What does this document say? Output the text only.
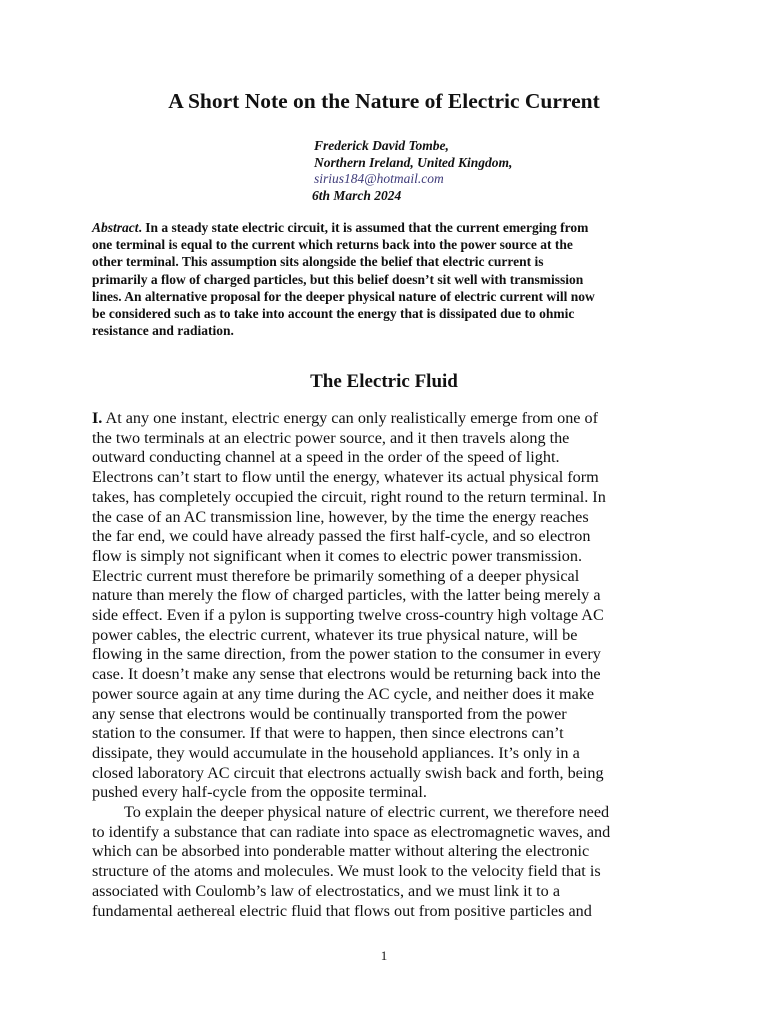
A Short Note on the Nature of Electric Current
Frederick David Tombe,
Northern Ireland, United Kingdom,
sirius184@hotmail.com
6th March 2024

Abstract. In a steady state electric circuit, it is assumed that the current emerging from
one terminal is equal to the current which returns back into the power source at the
other terminal. This assumption sits alongside the belief that electric current is
primarily a flow of charged particles, but this belief doesn’t sit well with transmission
lines. An alternative proposal for the deeper physical nature of electric current will now
be considered such as to take into account the energy that is dissipated due to ohmic
resistance and radiation.

The Electric Fluid

I. At any one instant, electric energy can only realistically emerge from one of
the two terminals at an electric power source, and it then travels along the
outward conducting channel at a speed in the order of the speed of light.
Electrons can’t start to flow until the energy, whatever its actual physical form
takes, has completely occupied the circuit, right round to the return terminal. In
the case of an AC transmission line, however, by the time the energy reaches
the far end, we could have already passed the first half-cycle, and so electron
flow is simply not significant when it comes to electric power transmission.
Electric current must therefore be primarily something of a deeper physical
nature than merely the flow of charged particles, with the latter being merely a
side effect. Even if a pylon is supporting twelve cross-country high voltage AC
power cables, the electric current, whatever its true physical nature, will be
flowing in the same direction, from the power station to the consumer in every
case. It doesn’t make any sense that electrons would be returning back into the
power source again at any time during the AC cycle, and neither does it make
any sense that electrons would be continually transported from the power
station to the consumer. If that were to happen, then since electrons can’t
dissipate, they would accumulate in the household appliances. It’s only in a
closed laboratory AC circuit that electrons actually swish back and forth, being
pushed every half-cycle from the opposite terminal.
To explain the deeper physical nature of electric current, we therefore need
to identify a substance that can radiate into space as electromagnetic waves, and
which can be absorbed into ponderable matter without altering the electronic
structure of the atoms and molecules. We must look to the velocity field that is
associated with Coulomb’s law of electrostatics, and we must link it to a
fundamental aethereal electric fluid that flows out from positive particles and

1
